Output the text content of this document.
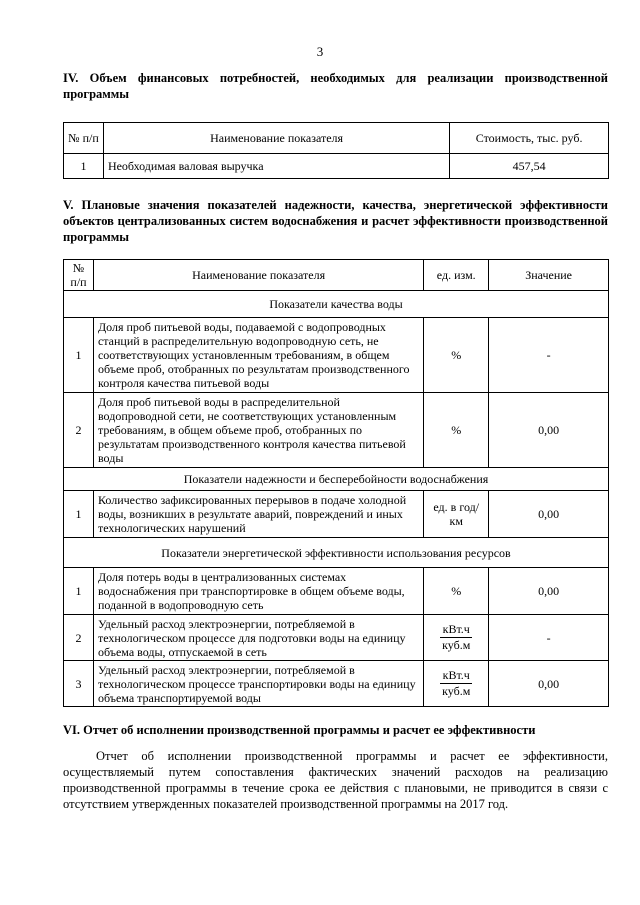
3
IV. Объем финансовых потребностей, необходимых для реализации производственной программы
№ п/п	Наименование показателя	Стоимость, тыс. руб.
1	Необходимая валовая выручка	457,54
V. Плановые значения показателей надежности, качества, энергетической эффективности объектов централизованных систем водоснабжения и расчет эффективности производственной программы
№ п/п	Наименование показателя	ед. изм.	Значение
Показатели качества воды			
1	Доля проб питьевой воды, подаваемой с водопроводных станций в распределительную водопроводную сеть, не соответствующих установленным требованиям, в общем объеме проб, отобранных по результатам производственного контроля качества питьевой воды	%	-
2	Доля проб питьевой воды в распределительной водопроводной сети, не соответствующих установленным требованиям, в общем объеме проб, отобранных по результатам производственного контроля качества питьевой воды	%	0,00
Показатели надежности и бесперебойности водоснабжения			
1	Количество зафиксированных перерывов в подаче холодной воды, возникших в результате аварий, повреждений и иных технологических нарушений	ед. в год/ км	0,00
Показатели энергетической эффективности использования ресурсов			
1	Доля потерь воды в централизованных системах водоснабжения при транспортировке в общем объеме воды, поданной в водопроводную сеть	%	0,00
2	Удельный расход электроэнергии, потребляемой в технологическом процессе для подготовки воды на единицу объема воды, отпускаемой в сеть	$\frac{\text{кВт.ч}}{\text{куб.м}}$	-
3	Удельный расход электроэнергии, потребляемой в технологическом процессе транспортировки воды на единицу объема транспортируемой воды	$\frac{\text{кВт.ч}}{\text{куб.м}}$	0,00
VI. Отчет об исполнении производственной программы и расчет ее эффективности
Отчет об исполнении производственной программы и расчет ее эффективности, осуществляемый путем сопоставления фактических значений расходов на реализацию производственной программы в течение срока ее действия с плановыми, не приводится в связи с отсутствием утвержденных показателей производственной программы на 2017 год.
